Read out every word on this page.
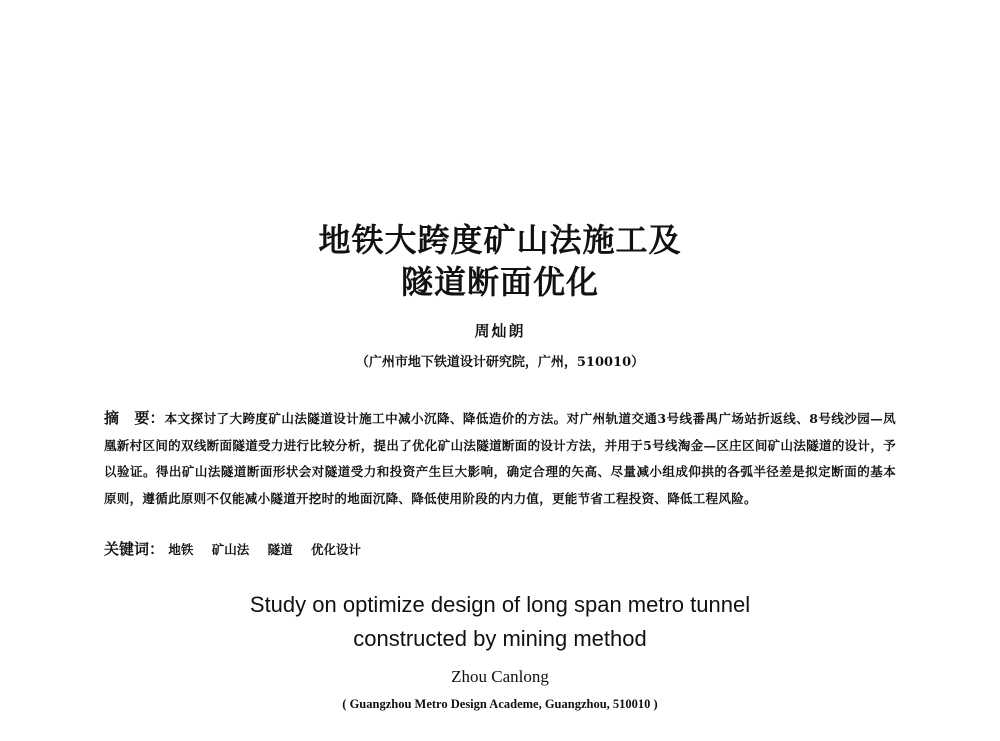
地铁大跨度矿山法施工及
隧道断面优化
周灿朗
（广州市地下铁道设计研究院，广州，510010）
摘　要：本文探讨了大跨度矿山法隧道设计施工中减小沉降、降低造价的方法。对广州轨道交通3号线番禺广场站折返线、8号线沙园—凤凰新村区间的双线断面隧道受力进行比较分析，提出了优化矿山法隧道断面的设计方法，并用于5号线淘金—区庄区间矿山法隧道的设计，予以验证。得出矿山法隧道断面形状会对隧道受力和投资产生巨大影响，确定合理的矢高、尽量减小组成仰拱的各弧半径差是拟定断面的基本原则，遵循此原则不仅能减小隧道开挖时的地面沉降、降低使用阶段的内力值，更能节省工程投资、降低工程风险。
关键词： 地铁 矿山法 隧道 优化设计
Study on optimize design of long span metro tunnel
constructed by mining method
Zhou Canlong
( Guangzhou Metro Design Academe, Guangzhou, 510010 )
